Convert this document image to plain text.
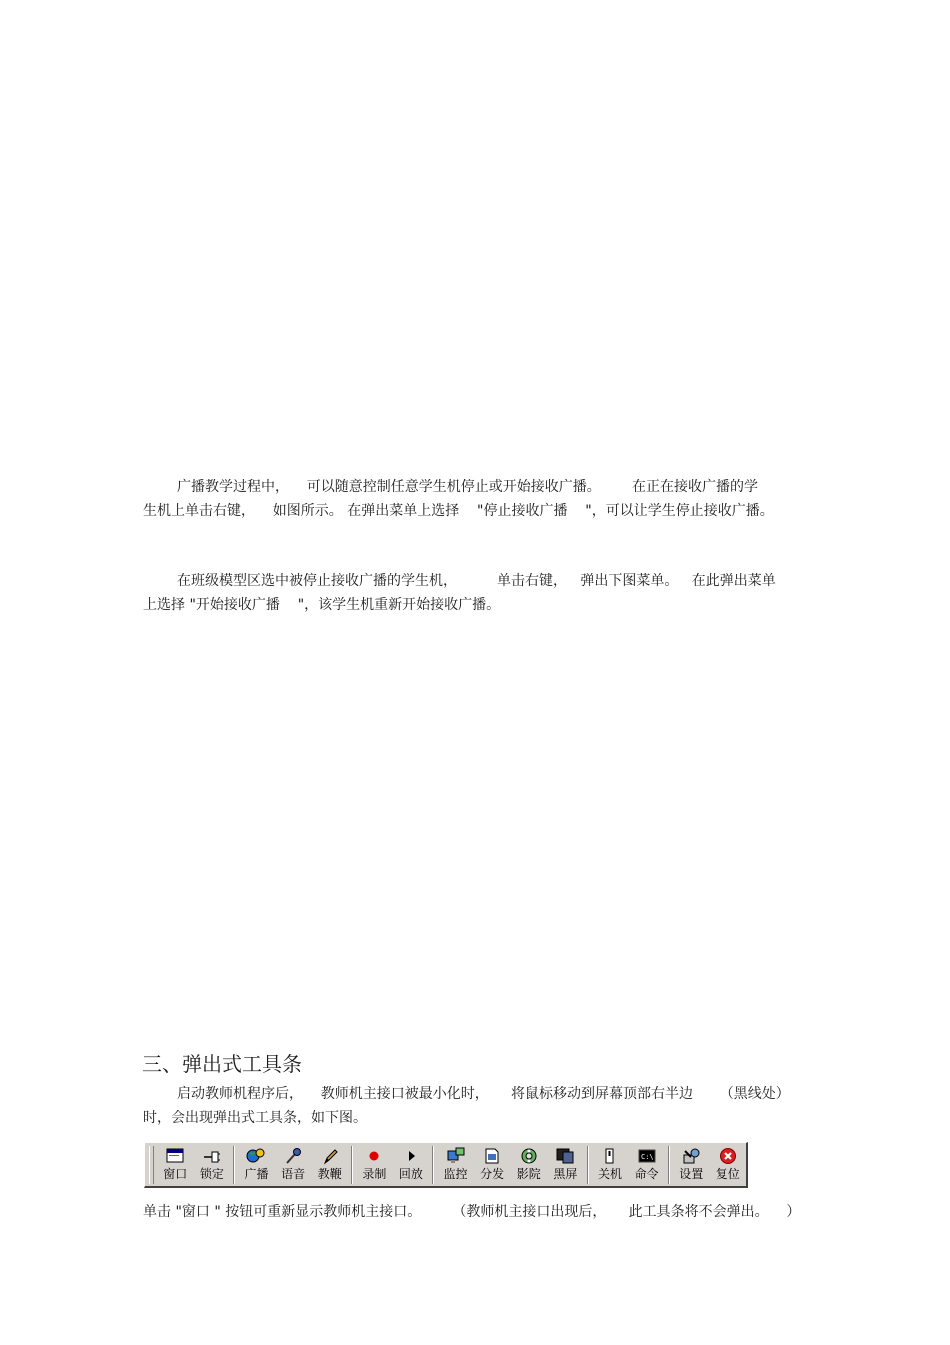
广播教学过程中，    可以随意控制任意学生机停止或开始接收广播。       在正在接收广播的学
生机上单击右键，    如图所示。 在弹出菜单上选择    "停止接收广播    "，可以让学生停止接收广播。
在班级模型区选中被停止接收广播的学生机，         单击右键，   弹出下图菜单。   在此弹出菜单
上选择 "开始接收广播    "，该学生机重新开始接收广播。
三、弹出式工具条
启动教师机程序后，    教师机主接口被最小化时，     将鼠标移动到屏幕顶部右半边      （黑线处）
时，会出现弹出式工具条，如下图。
窗口 锁定 广播 语音 教鞭 录制 回放 监控 分发 影院 黑屏 关机
C:\
命令 设置 复位
单击 "窗口 " 按钮可重新显示教师机主接口。       （教师机主接口出现后，     此工具条将不会弹出。    ）
